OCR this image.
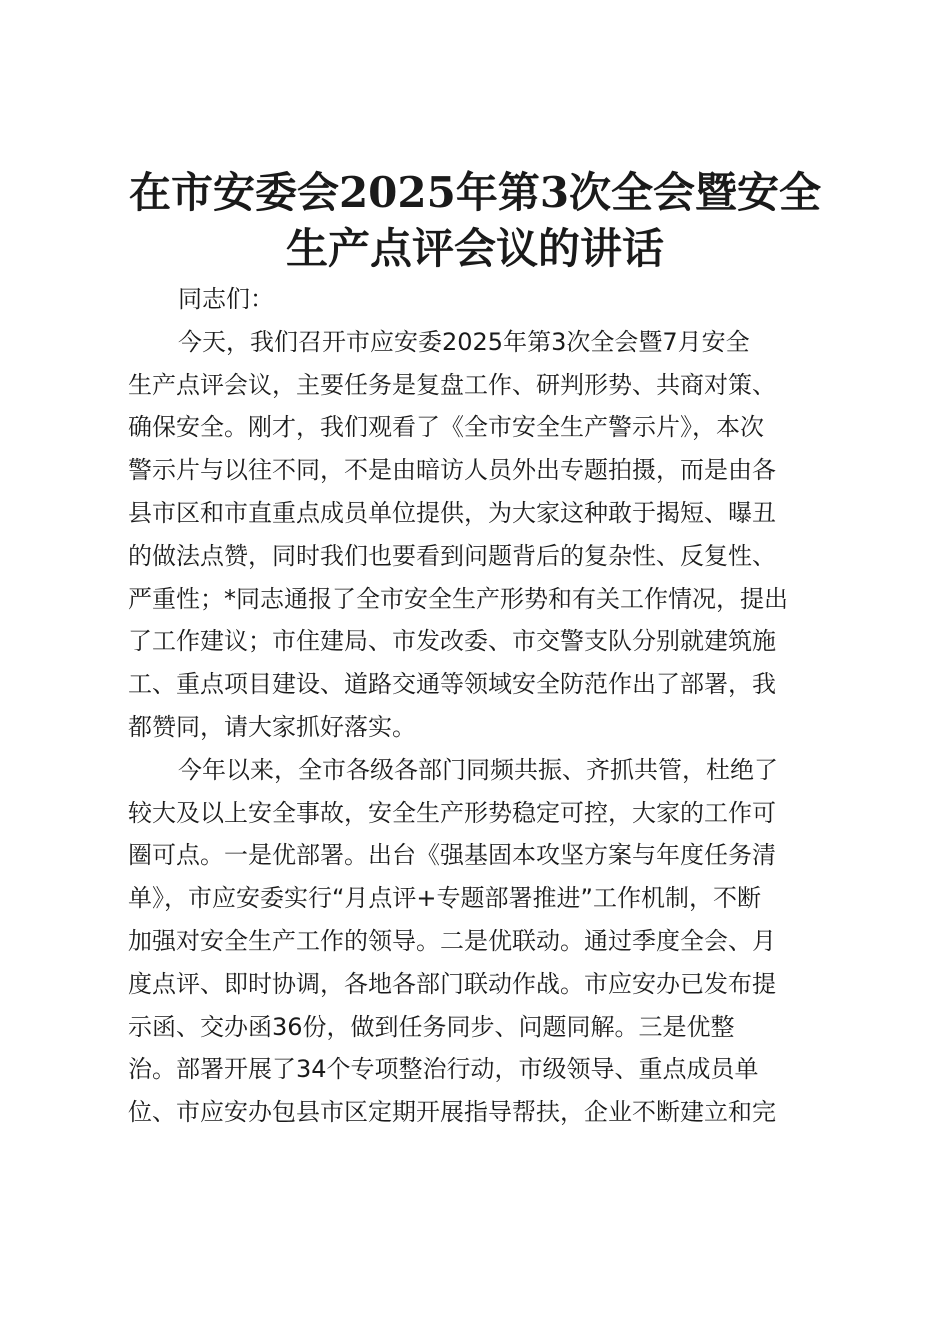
在市安委会2025年第3次全会暨安全
生产点评会议的讲话
同志们：
今天，我们召开市应安委2025年第3次全会暨7月安全
生产点评会议，主要任务是复盘工作、研判形势、共商对策、
确保安全。刚才，我们观看了《全市安全生产警示片》，本次
警示片与以往不同，不是由暗访人员外出专题拍摄，而是由各
县市区和市直重点成员单位提供，为大家这种敢于揭短、曝丑
的做法点赞，同时我们也要看到问题背后的复杂性、反复性、
严重性；*同志通报了全市安全生产形势和有关工作情况，提出
了工作建议；市住建局、市发改委、市交警支队分别就建筑施
工、重点项目建设、道路交通等领域安全防范作出了部署，我
都赞同，请大家抓好落实。
今年以来，全市各级各部门同频共振、齐抓共管，杜绝了
较大及以上安全事故，安全生产形势稳定可控，大家的工作可
圈可点。一是优部署。出台《强基固本攻坚方案与年度任务清
单》，市应安委实行“月点评+专题部署推进”工作机制，不断
加强对安全生产工作的领导。二是优联动。通过季度全会、月
度点评、即时协调，各地各部门联动作战。市应安办已发布提
示函、交办函36份，做到任务同步、问题同解。三是优整
治。部署开展了34个专项整治行动，市级领导、重点成员单
位、市应安办包县市区定期开展指导帮扶，企业不断建立和完
